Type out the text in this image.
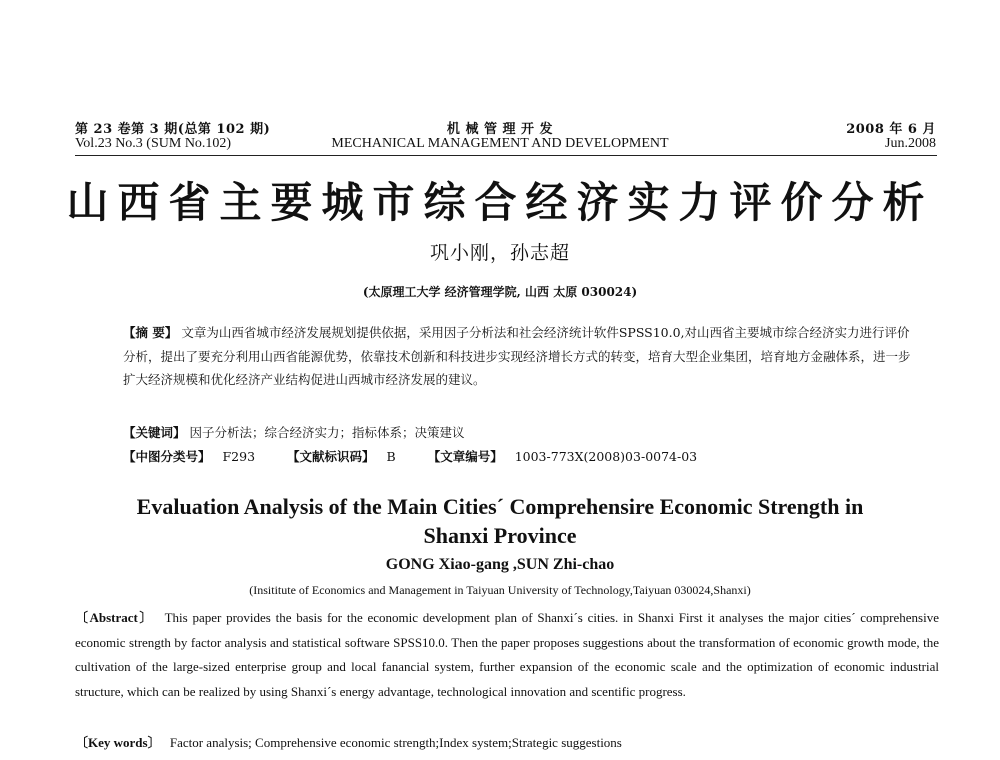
第 23 卷第 3 期(总第 102 期)
Vol.23 No.3 (SUM No.102)
机 械 管 理 开 发
MECHANICAL MANAGEMENT AND DEVELOPMENT
2008 年 6 月
Jun.2008
山西省主要城市综合经济实力评价分析
巩小刚，孙志超
(太原理工大学 经济管理学院, 山西 太原 030024)
【摘 要】 文章为山西省城市经济发展规划提供依据，采用因子分析法和社会经济统计软件SPSS10.0,对山西省主要城市综合经济实力进行评价分析，提出了要充分利用山西省能源优势，依靠技术创新和科技进步实现经济增长方式的转变，培育大型企业集团，培育地方金融体系，进一步扩大经济规模和优化经济产业结构促进山西城市经济发展的建议。
【关键词】 因子分析法；综合经济实力；指标体系；决策建议
【中图分类号】 F293	【文献标识码】 B	【文章编号】 1003-773X(2008)03-0074-03
Evaluation Analysis of the Main Cities´ Comprehensire Economic Strength in
Shanxi Province
GONG Xiao-gang ,SUN Zhi-chao
(Insititute of Economics and Management in Taiyuan University of Technology,Taiyuan 030024,Shanxi)
〔Abstract〕 This paper provides the basis for the economic development plan of Shanxi´s cities. in Shanxi First it analyses the major cities´ comprehensive economic strength by factor analysis and statistical software SPSS10.0. Then the paper proposes suggestions about the transformation of economic growth mode, the cultivation of the large-sized enterprise group and local fanancial system, further expansion of the economic scale and the optimization of economic industrial structure, which can be realized by using Shanxi´s energy advantage, technological innovation and scentific progress.
〔Key words〕 Factor analysis; Comprehensive economic strength;Index system;Strategic suggestions
